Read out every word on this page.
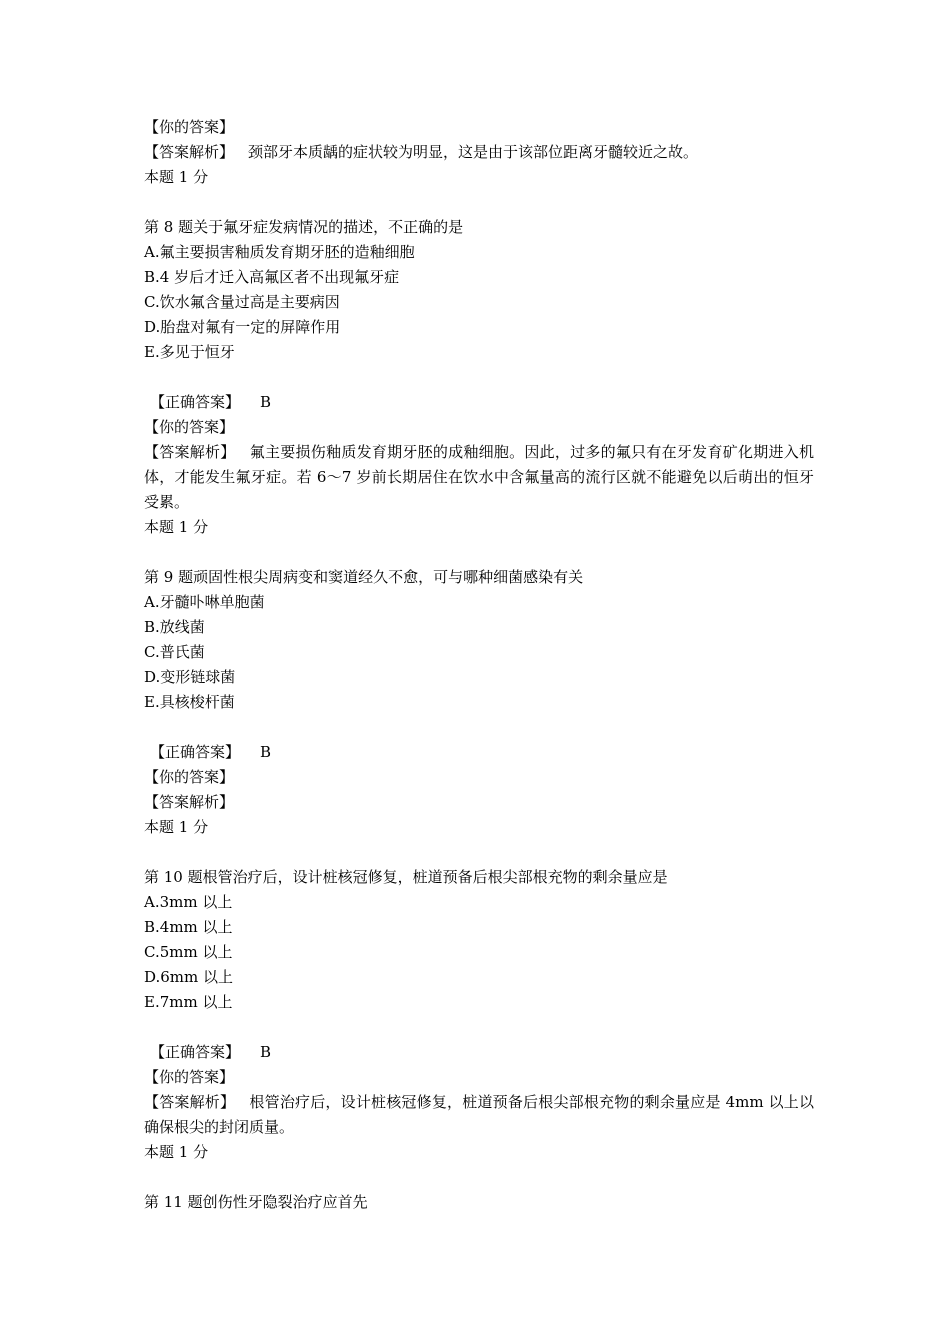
【你的答案】
【答案解析】 颈部牙本质龋的症状较为明显，这是由于该部位距离牙髓较近之故。
本题 1 分
第 8 题关于氟牙症发病情况的描述，不正确的是
A.氟主要损害釉质发育期牙胚的造釉细胞
B.4 岁后才迁入高氟区者不出现氟牙症
C.饮水氟含量过高是主要病因
D.胎盘对氟有一定的屏障作用
E.多见于恒牙
【正确答案】 B
【你的答案】
【答案解析】 氟主要损伤釉质发育期牙胚的成釉细胞。因此，过多的氟只有在牙发育矿化期进入机体，才能发生氟牙症。若 6～7 岁前长期居住在饮水中含氟量高的流行区就不能避免以后萌出的恒牙受累。
本题 1 分
第 9 题顽固性根尖周病变和窦道经久不愈，可与哪种细菌感染有关
A.牙髓卟啉单胞菌
B.放线菌
C.普氏菌
D.变形链球菌
E.具核梭杆菌
【正确答案】 B
【你的答案】
【答案解析】
本题 1 分
第 10 题根管治疗后，设计桩核冠修复，桩道预备后根尖部根充物的剩余量应是
A.3mm 以上
B.4mm 以上
C.5mm 以上
D.6mm 以上
E.7mm 以上
【正确答案】 B
【你的答案】
【答案解析】 根管治疗后，设计桩核冠修复，桩道预备后根尖部根充物的剩余量应是 4mm 以上以确保根尖的封闭质量。
本题 1 分
第 11 题创伤性牙隐裂治疗应首先
